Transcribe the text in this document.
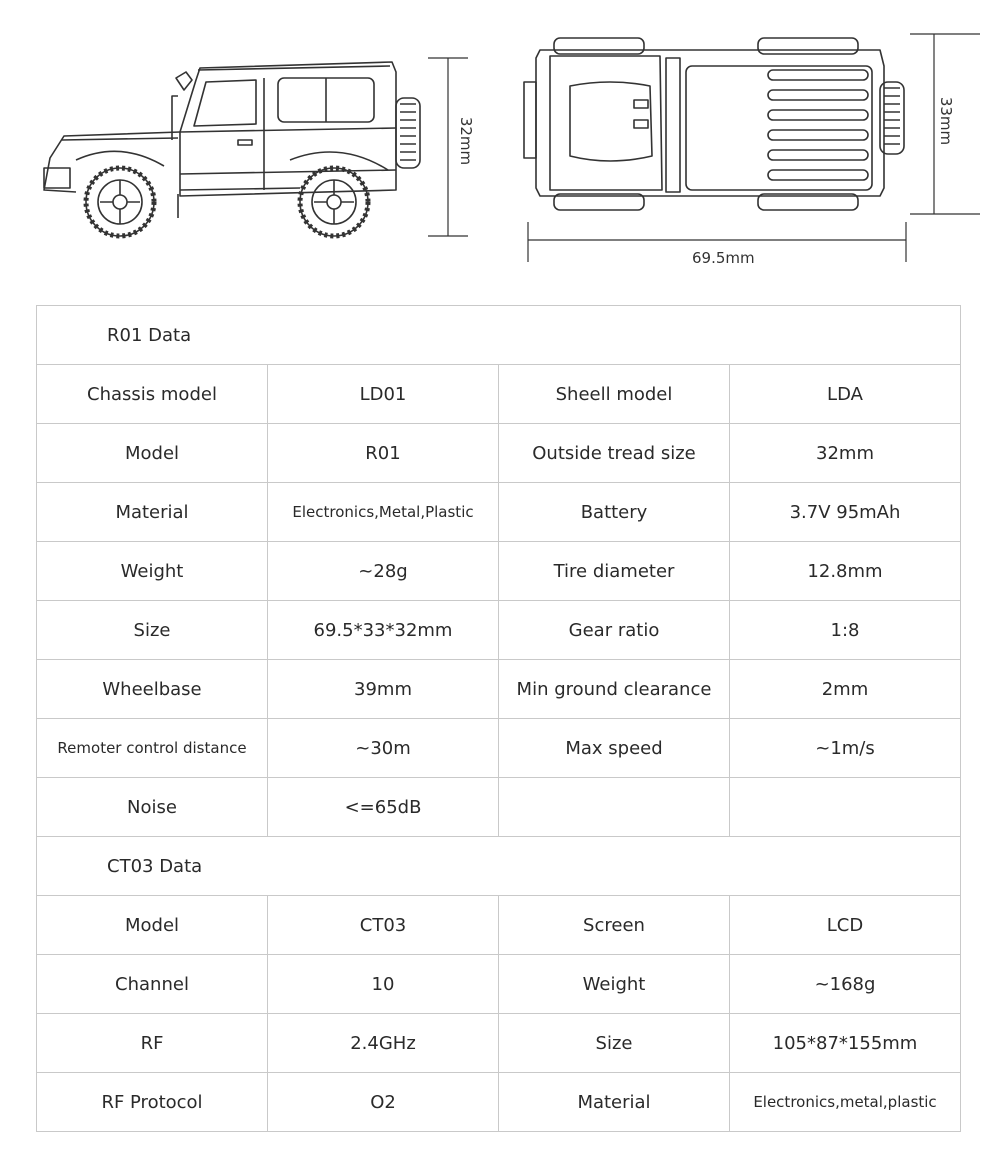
32mm	33mm
69.5mm
R01 Data			
Chassis model	LD01	Sheell model	LDA
Model	R01	Outside tread size	32mm
Material	Electronics,Metal,Plastic	Battery	3.7V 95mAh
Weight	~28g	Tire diameter	12.8mm
Size	69.5*33*32mm	Gear ratio	1:8
Wheelbase	39mm	Min ground clearance	2mm
Remoter control distance	~30m	Max speed	~1m/s
Noise	<=65dB		
CT03 Data			
Model	CT03	Screen	LCD
Channel	10	Weight	~168g
RF	2.4GHz	Size	105*87*155mm
RF Protocol	O2	Material	Electronics,metal,plastic
